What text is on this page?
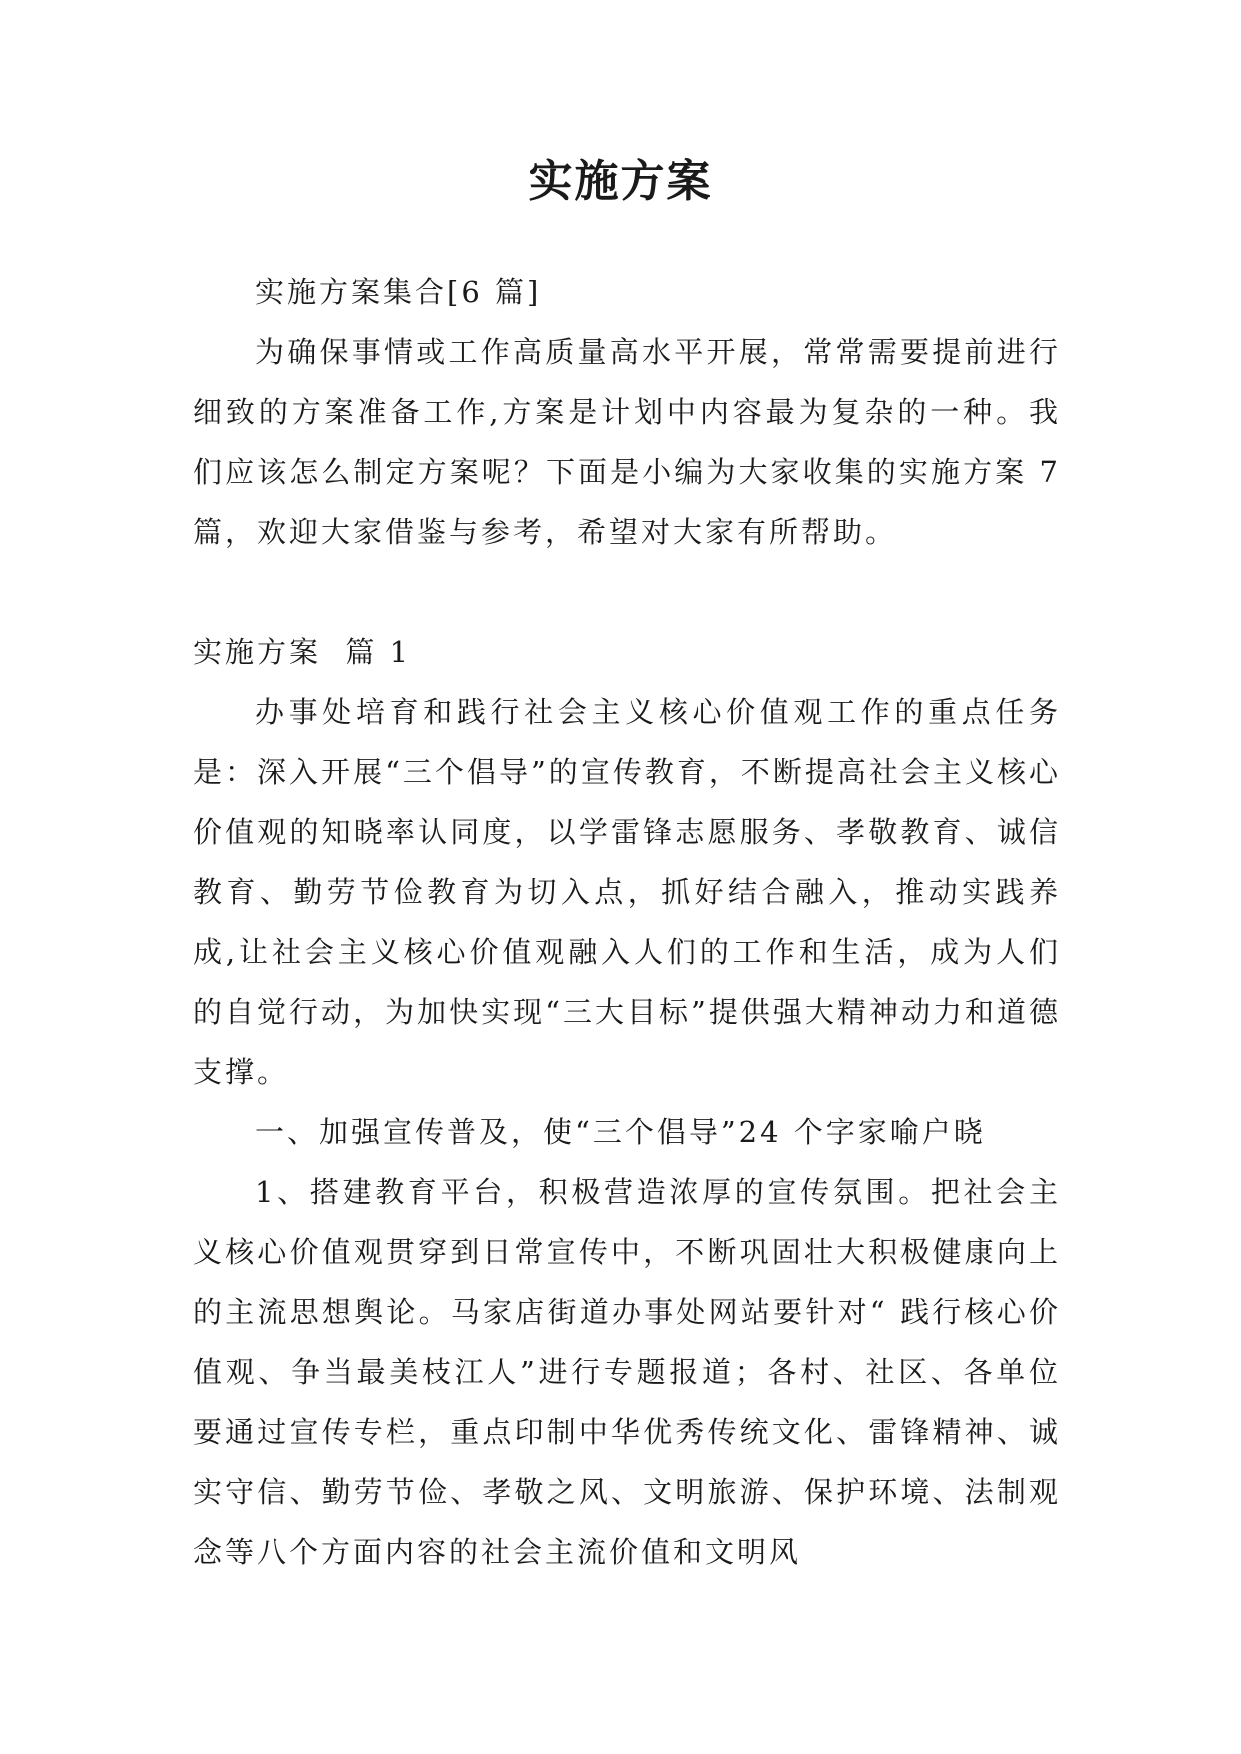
实施方案

实施方案集合[6 篇]

为确保事情或工作高质量高水平开展，常常需要提前进行细致的方案准备工作,方案是计划中内容最为复杂的一种。我们应该怎么制定方案呢？下面是小编为大家收集的实施方案 7 篇，欢迎大家借鉴与参考，希望对大家有所帮助。

实施方案  篇 1

办事处培育和践行社会主义核心价值观工作的重点任务是：深入开展“三个倡导”的宣传教育，不断提高社会主义核心价值观的知晓率认同度，以学雷锋志愿服务、孝敬教育、诚信教育、勤劳节俭教育为切入点，抓好结合融入，推动实践养成,让社会主义核心价值观融入人们的工作和生活，成为人们的自觉行动，为加快实现“三大目标”提供强大精神动力和道德支撑。

一、加强宣传普及，使“三个倡导”24 个字家喻户晓

1、搭建教育平台，积极营造浓厚的宣传氛围。把社会主义核心价值观贯穿到日常宣传中，不断巩固壮大积极健康向上的主流思想舆论。马家店街道办事处网站要针对“ 践行核心价值观、争当最美枝江人”进行专题报道；各村、社区、各单位要通过宣传专栏，重点印制中华优秀传统文化、雷锋精神、诚实守信、勤劳节俭、孝敬之风、文明旅游、保护环境、法制观念等八个方面内容的社会主流价值和文明风
